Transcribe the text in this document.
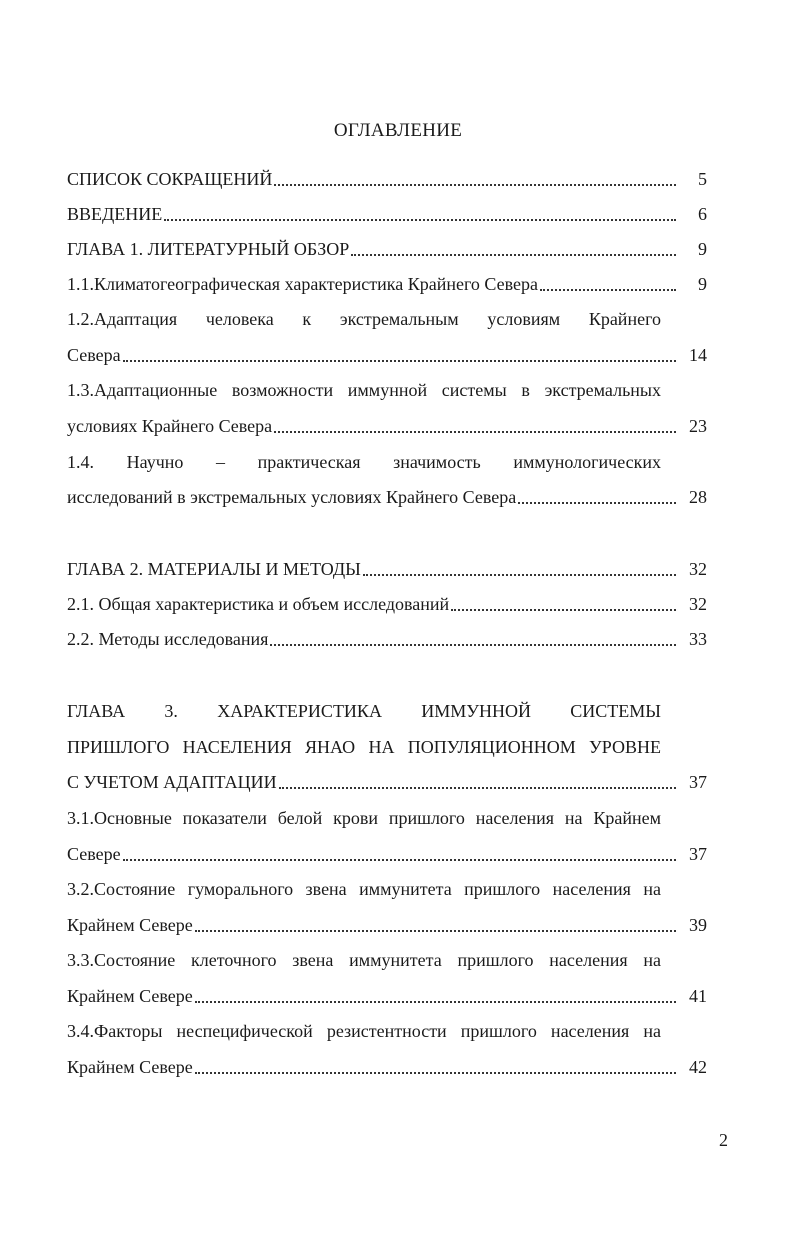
ОГЛАВЛЕНИЕ
СПИСОК СОКРАЩЕНИЙ	5
ВВЕДЕНИЕ	6
ГЛАВА 1. ЛИТЕРАТУРНЫЙ ОБЗОР	9
1.1.Климатогеографическая характеристика Крайнего Севера	9
1.2.Адаптация человека к экстремальным условиям Крайнего
Севера	14
1.3.Адаптационные возможности иммунной системы в экстремальных
условиях Крайнего Севера	23
1.4. Научно – практическая значимость иммунологических
исследований в экстремальных условиях Крайнего Севера	28
ГЛАВА 2. МАТЕРИАЛЫ И МЕТОДЫ	32
2.1. Общая характеристика и объем исследований	32
2.2. Методы исследования	33
ГЛАВА 3. ХАРАКТЕРИСТИКА ИММУННОЙ СИСТЕМЫ
ПРИШЛОГО НАСЕЛЕНИЯ ЯНАО НА ПОПУЛЯЦИОННОМ УРОВНЕ
С УЧЕТОМ АДАПТАЦИИ	37
3.1.Основные показатели белой крови пришлого населения на Крайнем
Севере	37
3.2.Состояние гуморального звена иммунитета пришлого населения на
Крайнем Севере	39
3.3.Состояние клеточного звена иммунитета пришлого населения на
Крайнем Севере	41
3.4.Факторы неспецифической резистентности пришлого населения на
Крайнем Севере	42
2
